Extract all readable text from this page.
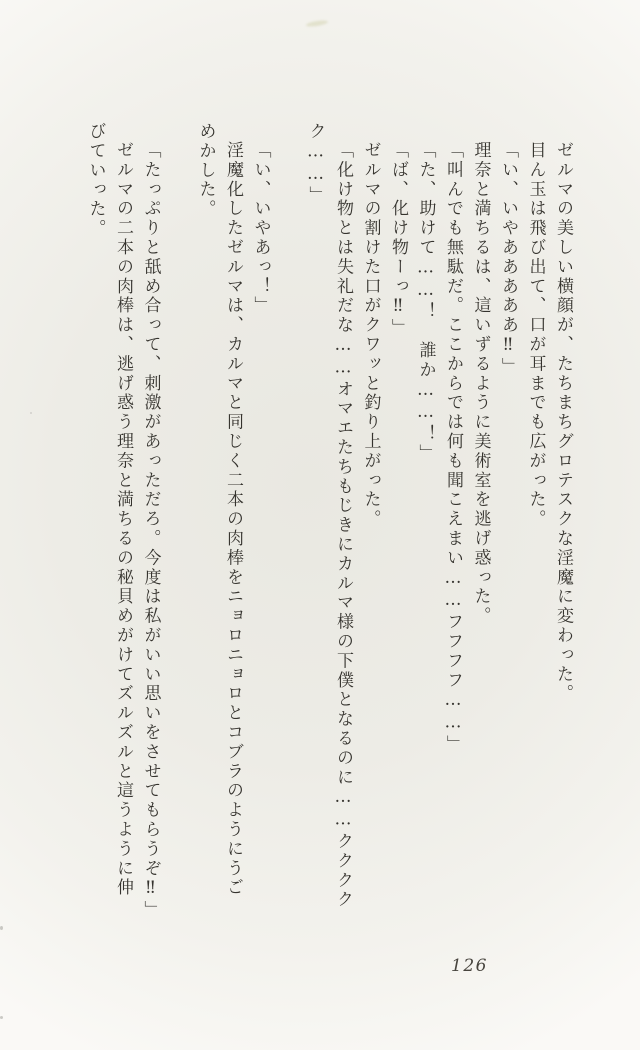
ゼルマの美しい横顔が、たちまちグロテスクな淫魔に変わった。

目ん玉は飛び出て、口が耳までも広がった。

「い、いやあああああ‼」

理奈と満ちるは、這いずるように美術室を逃げ惑った。

「叫んでも無駄だ。ここからでは何も聞こえまい……フフフフ……」

「た、助けて……！　誰か……！」

「ば、化け物ーっ‼」

ゼルマの割けた口がクワッと釣り上がった。

「化け物とは失礼だな……オマエたちもじきにカルマ様の下僕となるのに……クククク

ク……」

「い、いやあっ！」

淫魔化したゼルマは、カルマと同じく二本の肉棒をニョロニョロとコブラのようにうご

めかした。

「たっぷりと舐め合って、刺激があっただろ。今度は私がいい思いをさせてもらうぞ‼」

ゼルマの二本の肉棒は、逃げ惑う理奈と満ちるの秘貝めがけてズルズルと這うように伸

びていった。

126
